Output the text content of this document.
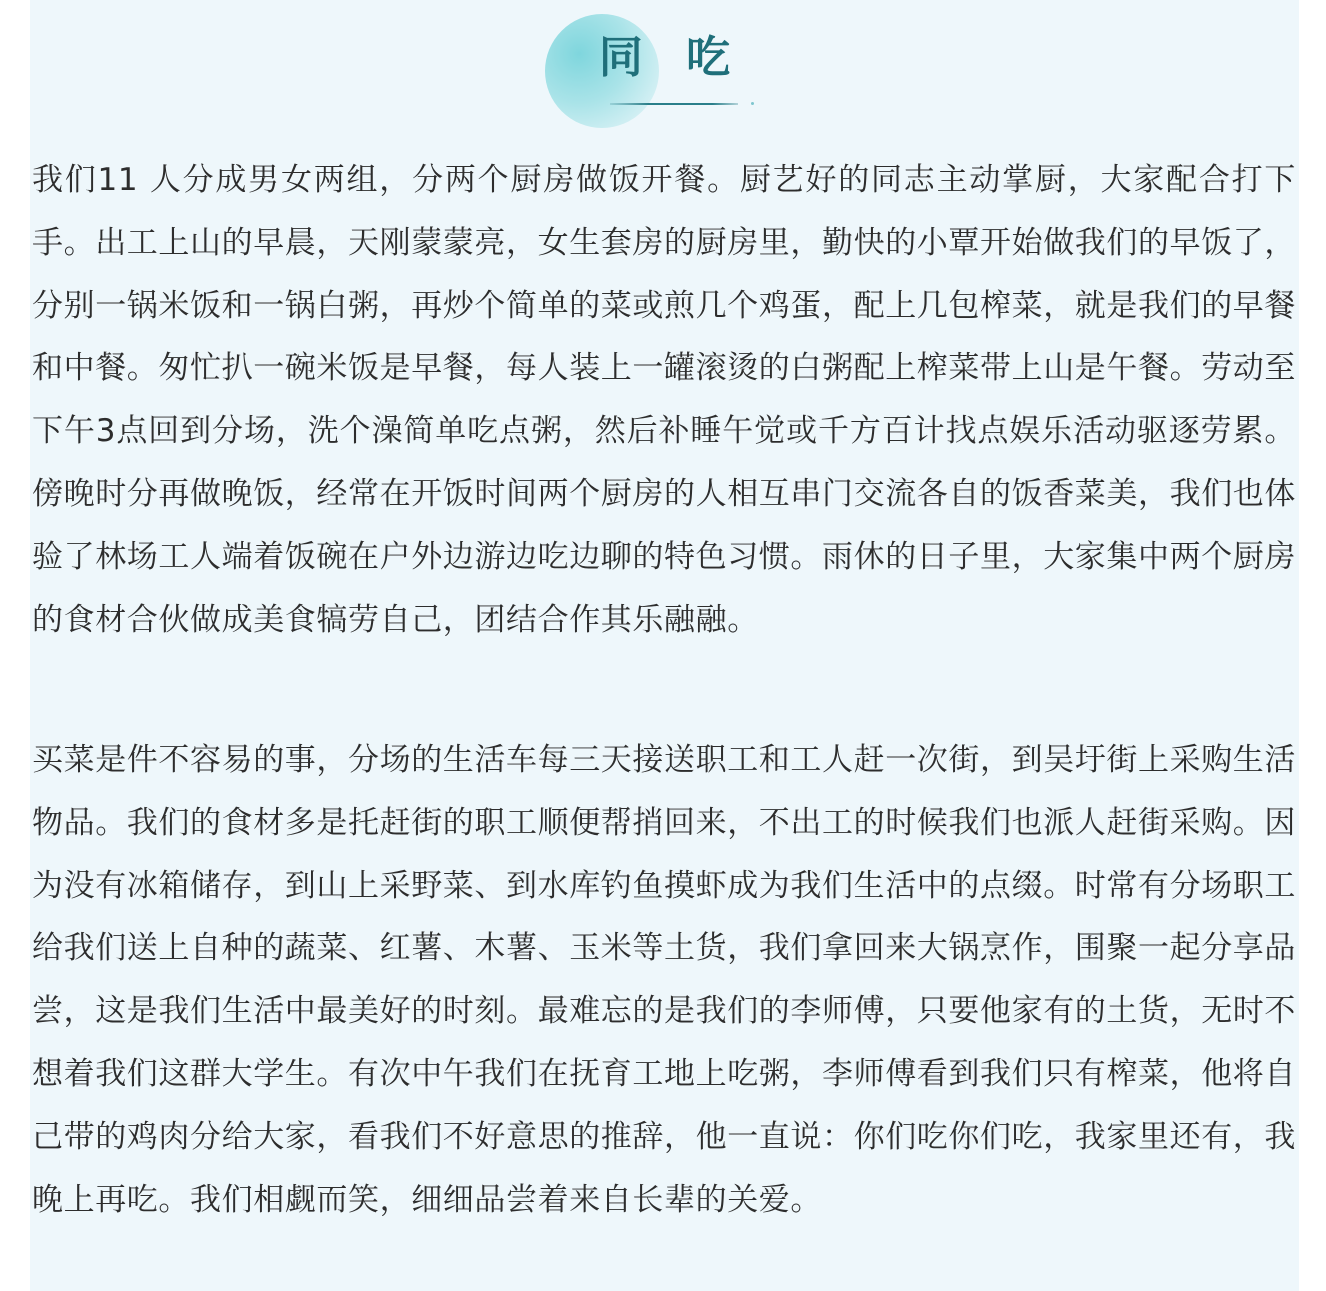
同 吃

我们11 人分成男女两组，分两个厨房做饭开餐。厨艺好的同志主动掌厨，大家配合打下手。出工上山的早晨，天刚蒙蒙亮，女生套房的厨房里，勤快的小覃开始做我们的早饭了，分别一锅米饭和一锅白粥，再炒个简单的菜或煎几个鸡蛋，配上几包榨菜，就是我们的早餐和中餐。匆忙扒一碗米饭是早餐，每人装上一罐滚烫的白粥配上榨菜带上山是午餐。劳动至下午3点回到分场，洗个澡简单吃点粥，然后补睡午觉或千方百计找点娱乐活动驱逐劳累。傍晚时分再做晚饭，经常在开饭时间两个厨房的人相互串门交流各自的饭香菜美，我们也体验了林场工人端着饭碗在户外边游边吃边聊的特色习惯。雨休的日子里，大家集中两个厨房的食材合伙做成美食犒劳自己，团结合作其乐融融。

买菜是件不容易的事，分场的生活车每三天接送职工和工人赶一次街，到吴圩街上采购生活物品。我们的食材多是托赶街的职工顺便帮捎回来，不出工的时候我们也派人赶街采购。因为没有冰箱储存，到山上采野菜、到水库钓鱼摸虾成为我们生活中的点缀。时常有分场职工给我们送上自种的蔬菜、红薯、木薯、玉米等土货，我们拿回来大锅烹作，围聚一起分享品尝，这是我们生活中最美好的时刻。最难忘的是我们的李师傅，只要他家有的土货，无时不想着我们这群大学生。有次中午我们在抚育工地上吃粥，李师傅看到我们只有榨菜，他将自己带的鸡肉分给大家，看我们不好意思的推辞，他一直说：你们吃你们吃，我家里还有，我晚上再吃。我们相觑而笑，细细品尝着来自长辈的关爱。
